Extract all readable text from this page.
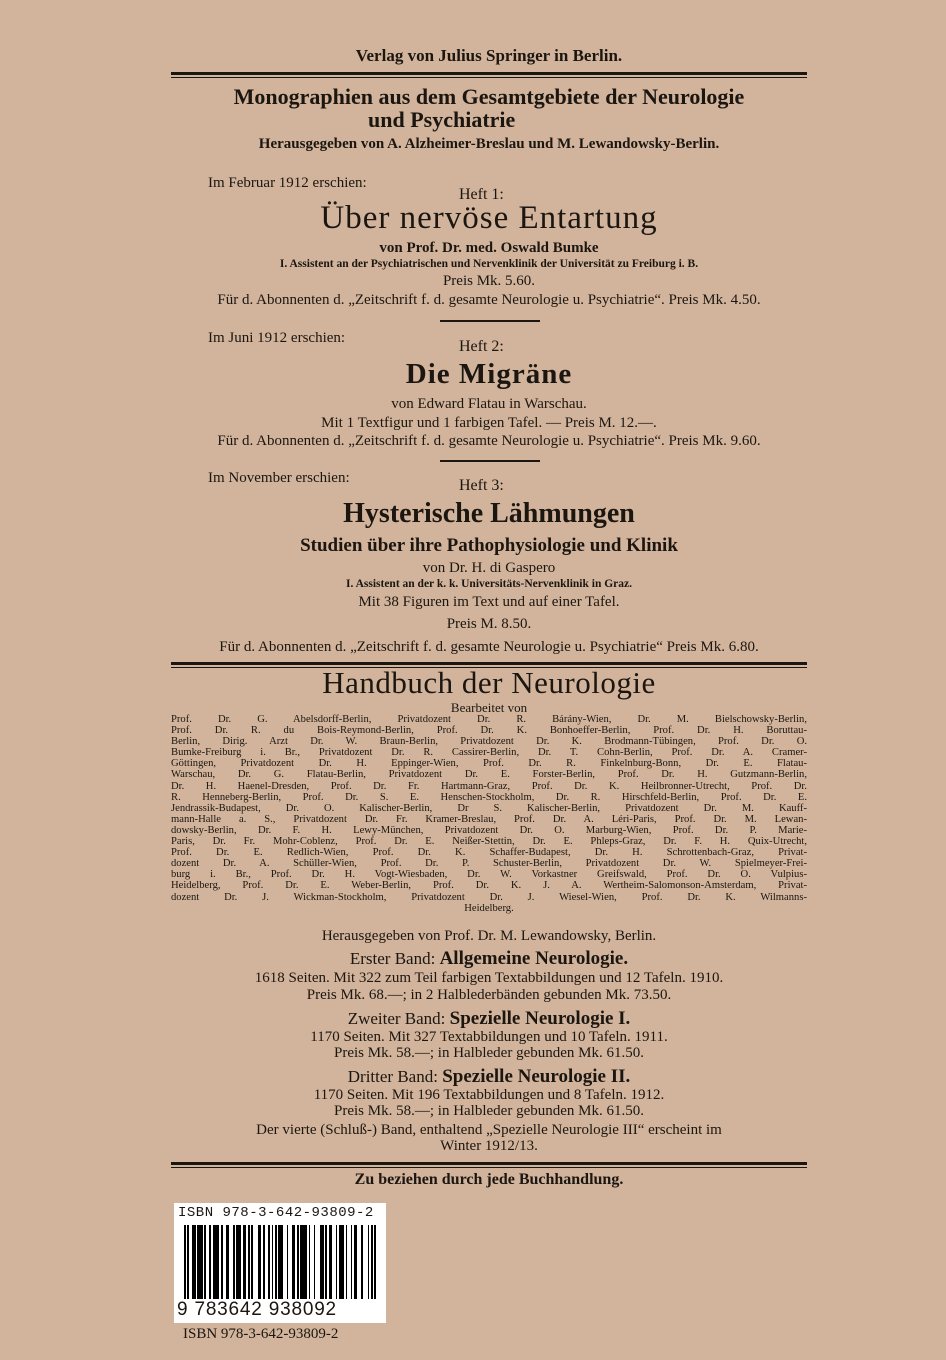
Verlag von Julius Springer in Berlin.
Monographien aus dem Gesamtgebiete der Neurologie
und Psychiatrie
Herausgegeben von A. Alzheimer-Breslau und M. Lewandowsky-Berlin.
Im Februar 1912 erschien:
Heft 1:
Über nervöse Entartung
von Prof. Dr. med. Oswald Bumke
I. Assistent an der Psychiatrischen und Nervenklinik der Universität zu Freiburg i. B.
Preis Mk. 5.60.
Für d. Abonnenten d. „Zeitschrift f. d. gesamte Neurologie u. Psychiatrie“. Preis Mk. 4.50.
Im Juni 1912 erschien:	Heft 2:
Die Migräne
von Edward Flatau in Warschau.
Mit 1 Textfigur und 1 farbigen Tafel. — Preis M. 12.—.
Für d. Abonnenten d. „Zeitschrift f. d. gesamte Neurologie u. Psychiatrie“. Preis Mk. 9.60.
Im November erschien:	Heft 3:
Hysterische Lähmungen
Studien über ihre Pathophysiologie und Klinik
von Dr. H. di Gaspero
I. Assistent an der k. k. Universitäts-Nervenklinik in Graz.
Mit 38 Figuren im Text und auf einer Tafel.
Preis M. 8.50.
Für d. Abonnenten d. „Zeitschrift f. d. gesamte Neurologie u. Psychiatrie“ Preis Mk. 6.80.
Handbuch der Neurologie
Bearbeitet von
Prof. Dr. G. Abelsdorff-Berlin, Privatdozent Dr. R. Bárány-Wien, Dr. M. Bielschowsky-Berlin,
Prof. Dr. R. du Bois-Reymond-Berlin, Prof. Dr. K. Bonhoeffer-Berlin, Prof. Dr. H. Boruttau-
Berlin, Dirig. Arzt Dr. W. Braun-Berlin, Privatdozent Dr. K. Brodmann-Tübingen, Prof. Dr. O.
Bumke-Freiburg i. Br., Privatdozent Dr. R. Cassirer-Berlin, Dr. T. Cohn-Berlin, Prof. Dr. A. Cramer-
Göttingen, Privatdozent Dr. H. Eppinger-Wien, Prof. Dr. R. Finkelnburg-Bonn, Dr. E. Flatau-
Warschau, Dr. G. Flatau-Berlin, Privatdozent Dr. E. Forster-Berlin, Prof. Dr. H. Gutzmann-Berlin,
Dr. H. Haenel-Dresden, Prof. Dr. Fr. Hartmann-Graz, Prof. Dr. K. Heilbronner-Utrecht, Prof. Dr.
R. Henneberg-Berlin, Prof. Dr. S. E. Henschen-Stockholm, Dr. R. Hirschfeld-Berlin, Prof. Dr. E.
Jendrassik-Budapest, Dr. O. Kalischer-Berlin, Dr S. Kalischer-Berlin, Privatdozent Dr. M. Kauff-
mann-Halle a. S., Privatdozent Dr. Fr. Kramer-Breslau, Prof. Dr. A. Léri-Paris, Prof. Dr. M. Lewan-
dowsky-Berlin, Dr. F. H. Lewy-München, Privatdozent Dr. O. Marburg-Wien, Prof. Dr. P. Marie-
Paris, Dr. Fr. Mohr-Coblenz, Prof. Dr. E. Neißer-Stettin, Dr. E. Phleps-Graz, Dr. F. H. Quix-Utrecht,
Prof. Dr. E. Redlich-Wien, Prof. Dr. K. Schaffer-Budapest, Dr. H. Schrottenbach-Graz, Privat-
dozent Dr. A. Schüller-Wien, Prof. Dr. P. Schuster-Berlin, Privatdozent Dr. W. Spielmeyer-Frei-
burg i. Br., Prof. Dr. H. Vogt-Wiesbaden, Dr. W. Vorkastner Greifswald, Prof. Dr. O. Vulpius-
Heidelberg, Prof. Dr. E. Weber-Berlin, Prof. Dr. K. J. A. Wertheim-Salomonson-Amsterdam, Privat-
dozent Dr. J. Wickman-Stockholm, Privatdozent Dr. J. Wiesel-Wien, Prof. Dr. K. Wilmanns-
Heidelberg.
Herausgegeben von Prof. Dr. M. Lewandowsky, Berlin.
Erster Band: Allgemeine Neurologie.
1618 Seiten. Mit 322 zum Teil farbigen Textabbildungen und 12 Tafeln. 1910.
Preis Mk. 68.—; in 2 Halblederbänden gebunden Mk. 73.50.
Zweiter Band: Spezielle Neurologie I.
1170 Seiten. Mit 327 Textabbildungen und 10 Tafeln. 1911.
Preis Mk. 58.—; in Halbleder gebunden Mk. 61.50.
Dritter Band: Spezielle Neurologie II.
1170 Seiten. Mit 196 Textabbildungen und 8 Tafeln. 1912.
Preis Mk. 58.—; in Halbleder gebunden Mk. 61.50.
Der vierte (Schluß-) Band, enthaltend „Spezielle Neurologie III“ erscheint im
Winter 1912/13.
Zu beziehen durch jede Buchhandlung.
ISBN 978-3-642-93809-2
9 783642 938092
ISBN 978-3-642-93809-2
